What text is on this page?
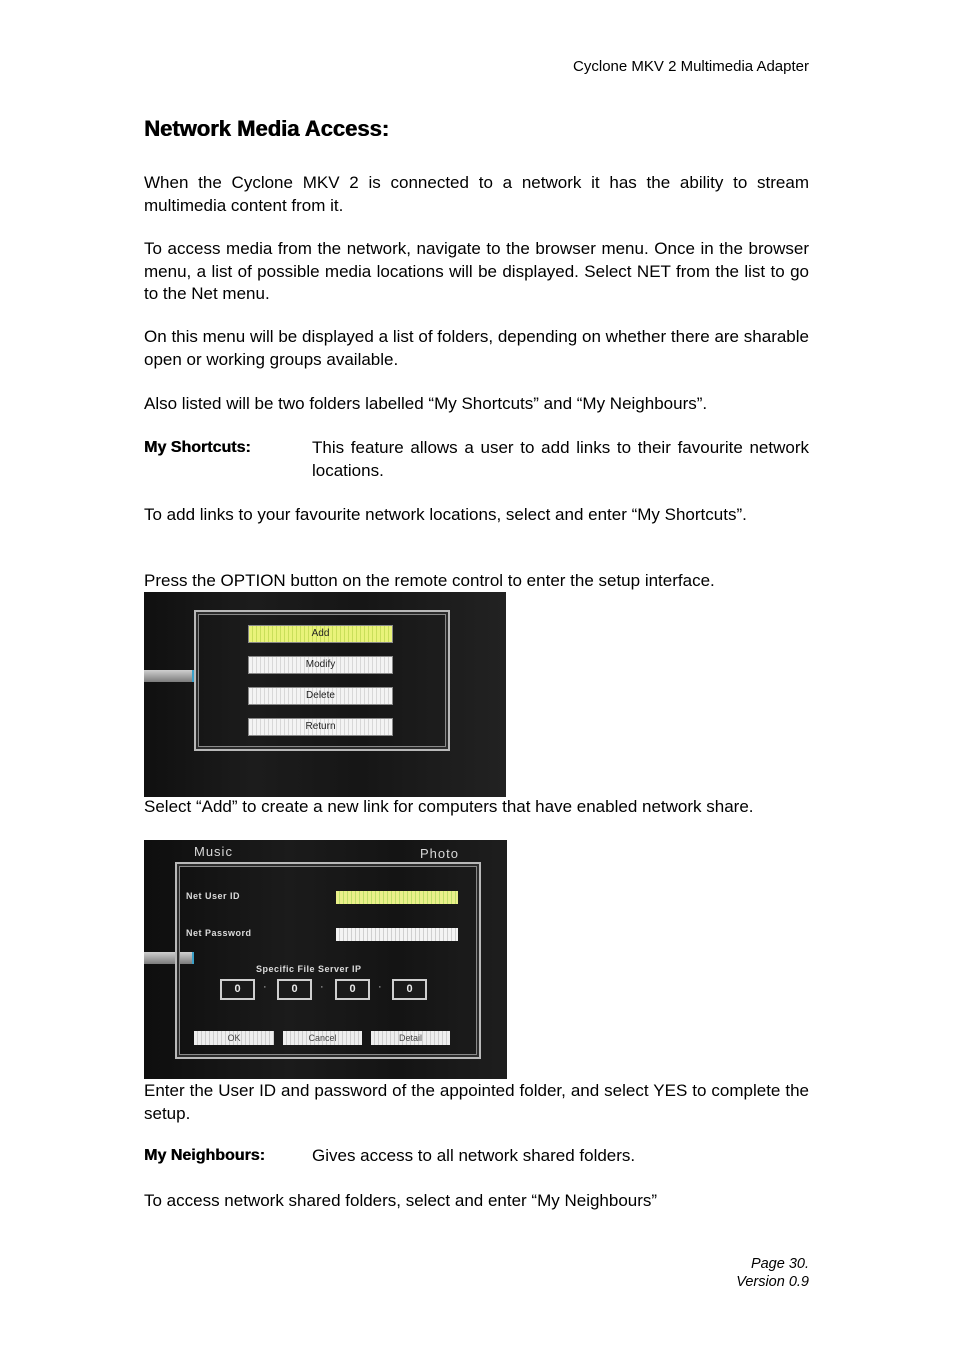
Cyclone MKV 2 Multimedia Adapter
Network Media Access:
When the Cyclone MKV 2 is connected to a network it has the ability to stream multimedia content from it.
To access media from the network, navigate to the browser menu. Once in the browser menu, a list of possible media locations will be displayed. Select NET from the list to go to the Net menu.
On this menu will be displayed a list of folders, depending on whether there are sharable open or working groups available.
Also listed will be two folders labelled “My Shortcuts” and “My Neighbours”.
My Shortcuts:	This feature allows a user to add links to their favourite network locations.
To add links to your favourite network locations, select and enter “My Shortcuts”.
Press the OPTION button on the remote control to enter the setup interface.
Add
Modify
Delete
Return
Select “Add” to create a new link for computers that have enabled network share.
Music	Photo
Net User ID
Net Password
Specific File Server IP
0	·	0	·	0	·	0
OK	Cancel	Detail
Enter the User ID and password of the appointed folder, and select YES to complete the setup.
My Neighbours:	Gives access to all network shared folders.
To access network shared folders, select and enter “My Neighbours”
Page 30.
Version 0.9
